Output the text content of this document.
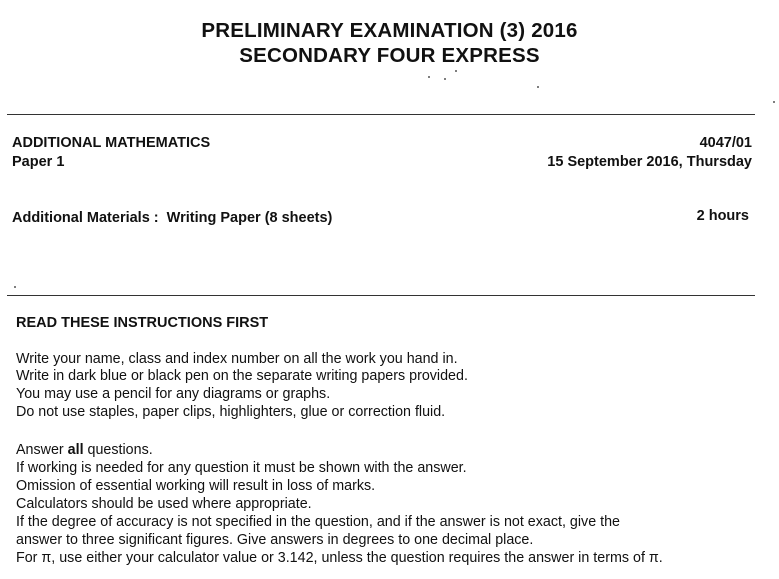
PRELIMINARY EXAMINATION (3) 2016
SECONDARY FOUR EXPRESS
ADDITIONAL MATHEMATICS	4047/01
Paper 1	15 September 2016, Thursday
Additional Materials : Writing Paper (8 sheets)	2 hours
READ THESE INSTRUCTIONS FIRST
Write your name, class and index number on all the work you hand in.
Write in dark blue or black pen on the separate writing papers provided.
You may use a pencil for any diagrams or graphs.
Do not use staples, paper clips, highlighters, glue or correction fluid.
Answer all questions.
If working is needed for any question it must be shown with the answer.
Omission of essential working will result in loss of marks.
Calculators should be used where appropriate.
If the degree of accuracy is not specified in the question, and if the answer is not exact, give the
answer to three significant figures. Give answers in degrees to one decimal place.
For π, use either your calculator value or 3.142, unless the question requires the answer in terms of π.
